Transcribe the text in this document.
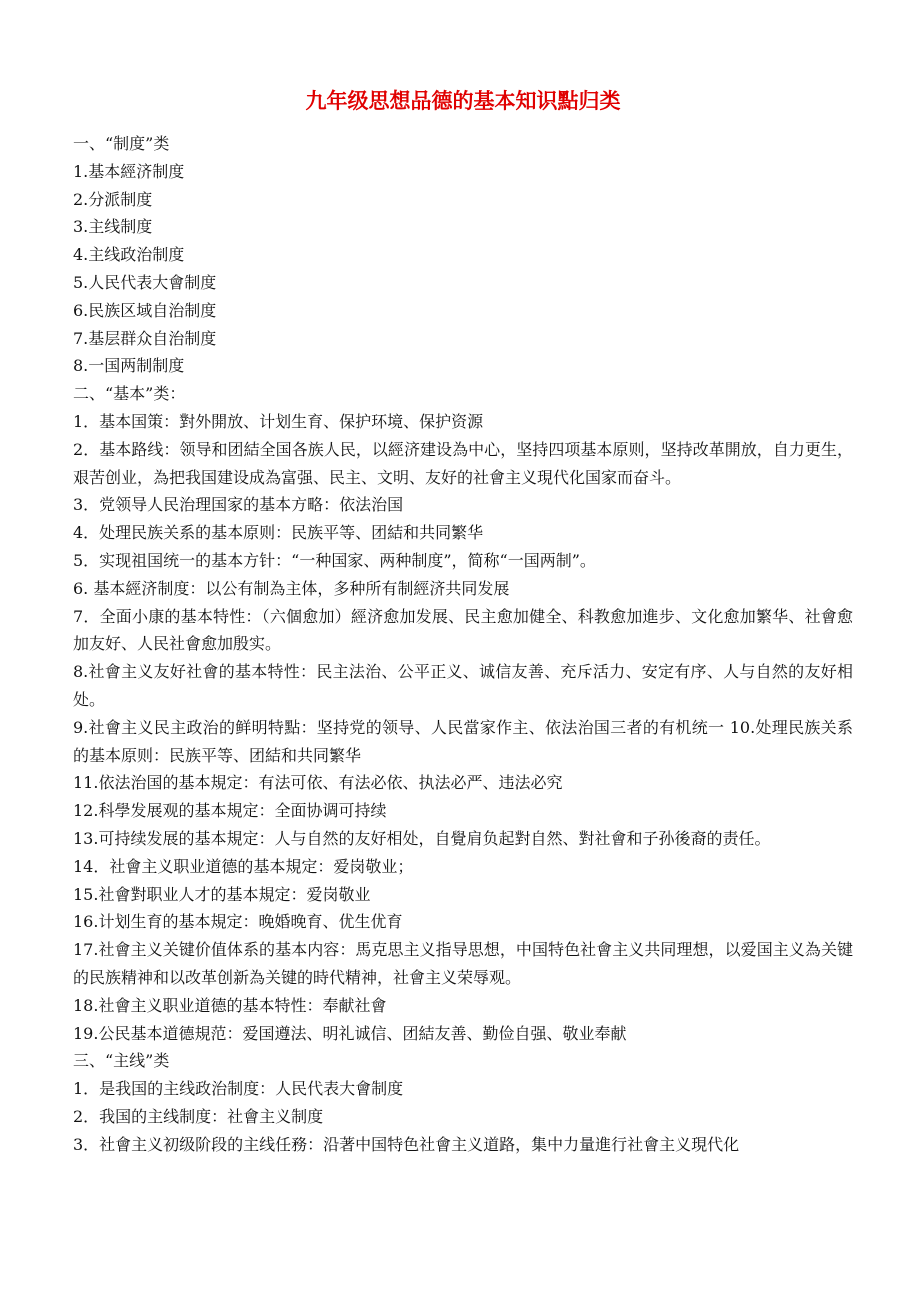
九年级思想品德的基本知识點归类

一、“制度”类

1.基本經济制度

2.分派制度

3.主线制度

4.主线政治制度

5.人民代表大會制度

6.民族区域自治制度

7.基层群众自治制度

8.一国两制制度

二、“基本”类：

1．基本国策：對外開放、计划生育、保护环境、保护资源

2．基本路线：领导和团結全国各族人民，以經济建设為中心，坚持四项基本原则，坚持改革開放，自力更生，艰苦创业，為把我国建设成為富强、民主、文明、友好的社會主义現代化国家而奋斗。

3．党领导人民治理国家的基本方略：依法治国

4．处理民族关系的基本原则：民族平等、团結和共同繁华

5．实现祖国统一的基本方针：“一种国家、两种制度”，简称“一国两制”。

6. 基本經济制度：以公有制為主体，多种所有制經济共同发展

7．全面小康的基本特性：（六個愈加）經济愈加发展、民主愈加健全、科教愈加進步、文化愈加繁华、社會愈加友好、人民社會愈加殷实。

8.社會主义友好社會的基本特性：民主法治、公平正义、诚信友善、充斥活力、安定有序、人与自然的友好相处。

9.社會主义民主政治的鲜明特點：坚持党的领导、人民當家作主、依法治国三者的有机统一 10.处理民族关系的基本原则：民族平等、团結和共同繁华

11.依法治国的基本規定：有法可依、有法必依、执法必严、违法必究

12.科學发展观的基本規定：全面协调可持续

13.可持续发展的基本規定：人与自然的友好相处，自覺肩负起對自然、對社會和子孙後裔的责任。

14．社會主义职业道德的基本規定：爱岗敬业；

15.社會對职业人才的基本規定：爱岗敬业

16.计划生育的基本規定：晚婚晚育、优生优育

17.社會主义关键价值体系的基本内容：馬克思主义指导思想，中国特色社會主义共同理想，以爱国主义為关键的民族精神和以改革创新為关键的時代精神，社會主义荣辱观。

18.社會主义职业道德的基本特性：奉献社會

19.公民基本道德規范：爱国遵法、明礼诚信、团結友善、勤俭自强、敬业奉献

三、“主线”类

1．是我国的主线政治制度：人民代表大會制度

2．我国的主线制度：社會主义制度

3．社會主义初级阶段的主线任務：沿著中国特色社會主义道路，集中力量進行社會主义現代化
